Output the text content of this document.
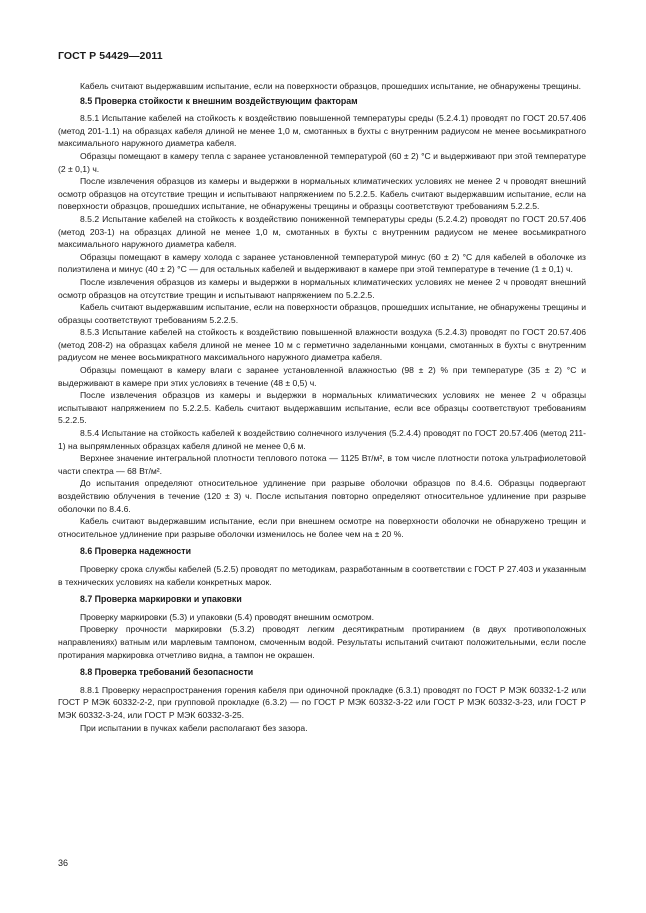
ГОСТ Р 54429—2011

Кабель считают выдержавшим испытание, если на поверхности образцов, прошедших испытание, не обнаружены трещины.

8.5 Проверка стойкости к внешним воздействующим факторам

8.5.1 Испытание кабелей на стойкость к воздействию повышенной температуры среды (5.2.4.1) проводят по ГОСТ 20.57.406 (метод 201-1.1) на образцах кабеля длиной не менее 1,0 м, смотанных в бухты с внутренним радиусом не менее восьмикратного максимального наружного диаметра кабеля.

Образцы помещают в камеру тепла с заранее установленной температурой (60 ± 2) °С и выдерживают при этой температуре (2 ± 0,1) ч.

После извлечения образцов из камеры и выдержки в нормальных климатических условиях не менее 2 ч проводят внешний осмотр образцов на отсутствие трещин и испытывают напряжением по 5.2.2.5. Кабель считают выдержавшим испытание, если на поверхности образцов, прошедших испытание, не обнаружены трещины и образцы соответствуют требованиям 5.2.2.5.

8.5.2 Испытание кабелей на стойкость к воздействию пониженной температуры среды (5.2.4.2) проводят по ГОСТ 20.57.406 (метод 203-1) на образцах длиной не менее 1,0 м, смотанных в бухты с внутренним радиусом не менее восьмикратного максимального наружного диаметра кабеля.

Образцы помещают в камеру холода с заранее установленной температурой минус (60 ± 2) °С для кабелей в оболочке из полиэтилена и минус (40 ± 2) °С — для остальных кабелей и выдерживают в камере при этой температуре в течение (1 ± 0,1) ч.

После извлечения образцов из камеры и выдержки в нормальных климатических условиях не менее 2 ч проводят внешний осмотр образцов на отсутствие трещин и испытывают напряжением по 5.2.2.5.

Кабель считают выдержавшим испытание, если на поверхности образцов, прошедших испытание, не обнаружены трещины и образцы соответствуют требованиям 5.2.2.5.

8.5.3 Испытание кабелей на стойкость к воздействию повышенной влажности воздуха (5.2.4.3) проводят по ГОСТ 20.57.406 (метод 208-2) на образцах кабеля длиной не менее 10 м с герметично заделанными концами, смотанных в бухты с внутренним радиусом не менее восьмикратного максимального наружного диаметра кабеля.

Образцы помещают в камеру влаги с заранее установленной влажностью (98 ± 2) % при температуре (35 ± 2) °С и выдерживают в камере при этих условиях в течение (48 ± 0,5) ч.

После извлечения образцов из камеры и выдержки в нормальных климатических условиях не менее 2 ч образцы испытывают напряжением по 5.2.2.5. Кабель считают выдержавшим испытание, если все образцы соответствуют требованиям 5.2.2.5.

8.5.4 Испытание на стойкость кабелей к воздействию солнечного излучения (5.2.4.4) проводят по ГОСТ 20.57.406 (метод 211-1) на выпрямленных образцах кабеля длиной не менее 0,6 м.

Верхнее значение интегральной плотности теплового потока — 1125 Вт/м², в том числе плотности потока ультрафиолетовой части спектра — 68 Вт/м².

До испытания определяют относительное удлинение при разрыве оболочки образцов по 8.4.6. Образцы подвергают воздействию облучения в течение (120 ± 3) ч. После испытания повторно определяют относительное удлинение при разрыве оболочки по 8.4.6.

Кабель считают выдержавшим испытание, если при внешнем осмотре на поверхности оболочки не обнаружено трещин и относительное удлинение при разрыве оболочки изменилось не более чем на ± 20 %.

8.6 Проверка надежности

Проверку срока службы кабелей (5.2.5) проводят по методикам, разработанным в соответствии с ГОСТ Р 27.403 и указанным в технических условиях на кабели конкретных марок.

8.7 Проверка маркировки и упаковки

Проверку маркировки (5.3) и упаковки (5.4) проводят внешним осмотром.

Проверку прочности маркировки (5.3.2) проводят легким десятикратным протиранием (в двух противоположных направлениях) ватным или марлевым тампоном, смоченным водой. Результаты испытаний считают положительными, если после протирания маркировка отчетливо видна, а тампон не окрашен.

8.8 Проверка требований безопасности

8.8.1 Проверку нераспространения горения кабеля при одиночной прокладке (6.3.1) проводят по ГОСТ Р МЭК 60332-1-2 или ГОСТ Р МЭК 60332-2-2, при групповой прокладке (6.3.2) — по ГОСТ Р МЭК 60332-3-22 или ГОСТ Р МЭК 60332-3-23, или ГОСТ Р МЭК 60332-3-24, или ГОСТ Р МЭК 60332-3-25.

При испытании в пучках кабели располагают без зазора.

36
